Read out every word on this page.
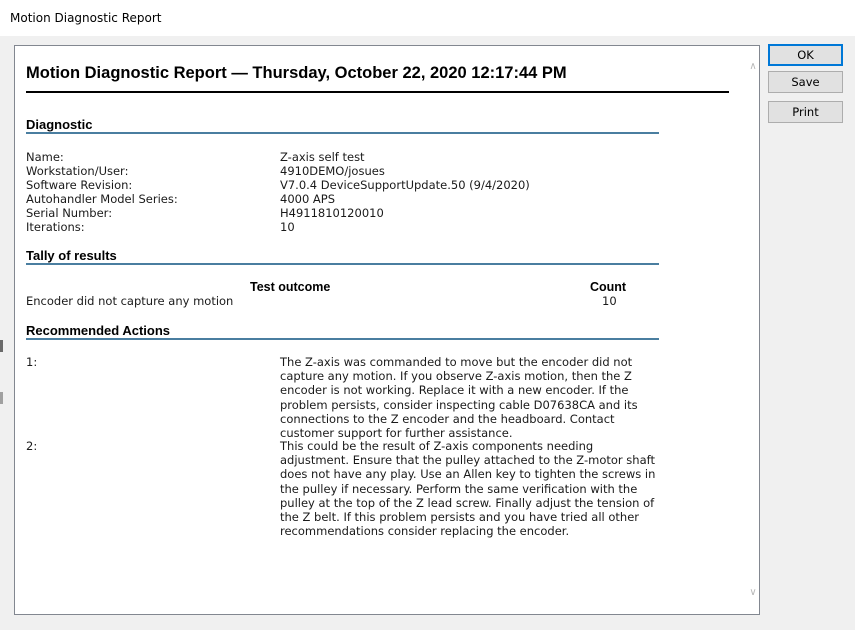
Motion Diagnostic Report
Motion Diagnostic Report — Thursday, October 22, 2020 12:17:44 PM
Diagnostic
Name:	Z-axis self test
Workstation/User:	4910DEMO/josues
Software Revision:	V7.0.4 DeviceSupportUpdate.50 (9/4/2020)
Autohandler Model Series:	4000 APS
Serial Number:	H4911810120010
Iterations:	10
Tally of results
Test outcome	Count
Encoder did not capture any motion	10
Recommended Actions
1:	The Z-axis was commanded to move but the encoder did not capture any motion. If you observe Z-axis motion, then the Z encoder is not working. Replace it with a new encoder. If the problem persists, consider inspecting cable D07638CA and its connections to the Z encoder and the headboard. Contact customer support for further assistance.
2:	This could be the result of Z-axis components needing adjustment. Ensure that the pulley attached to the Z-motor shaft does not have any play. Use an Allen key to tighten the screws in the pulley if necessary. Perform the same verification with the pulley at the top of the Z lead screw. Finally adjust the tension of the Z belt. If this problem persists and you have tried all other recommendations consider replacing the encoder.
∧
∨
OK
Save
Print
